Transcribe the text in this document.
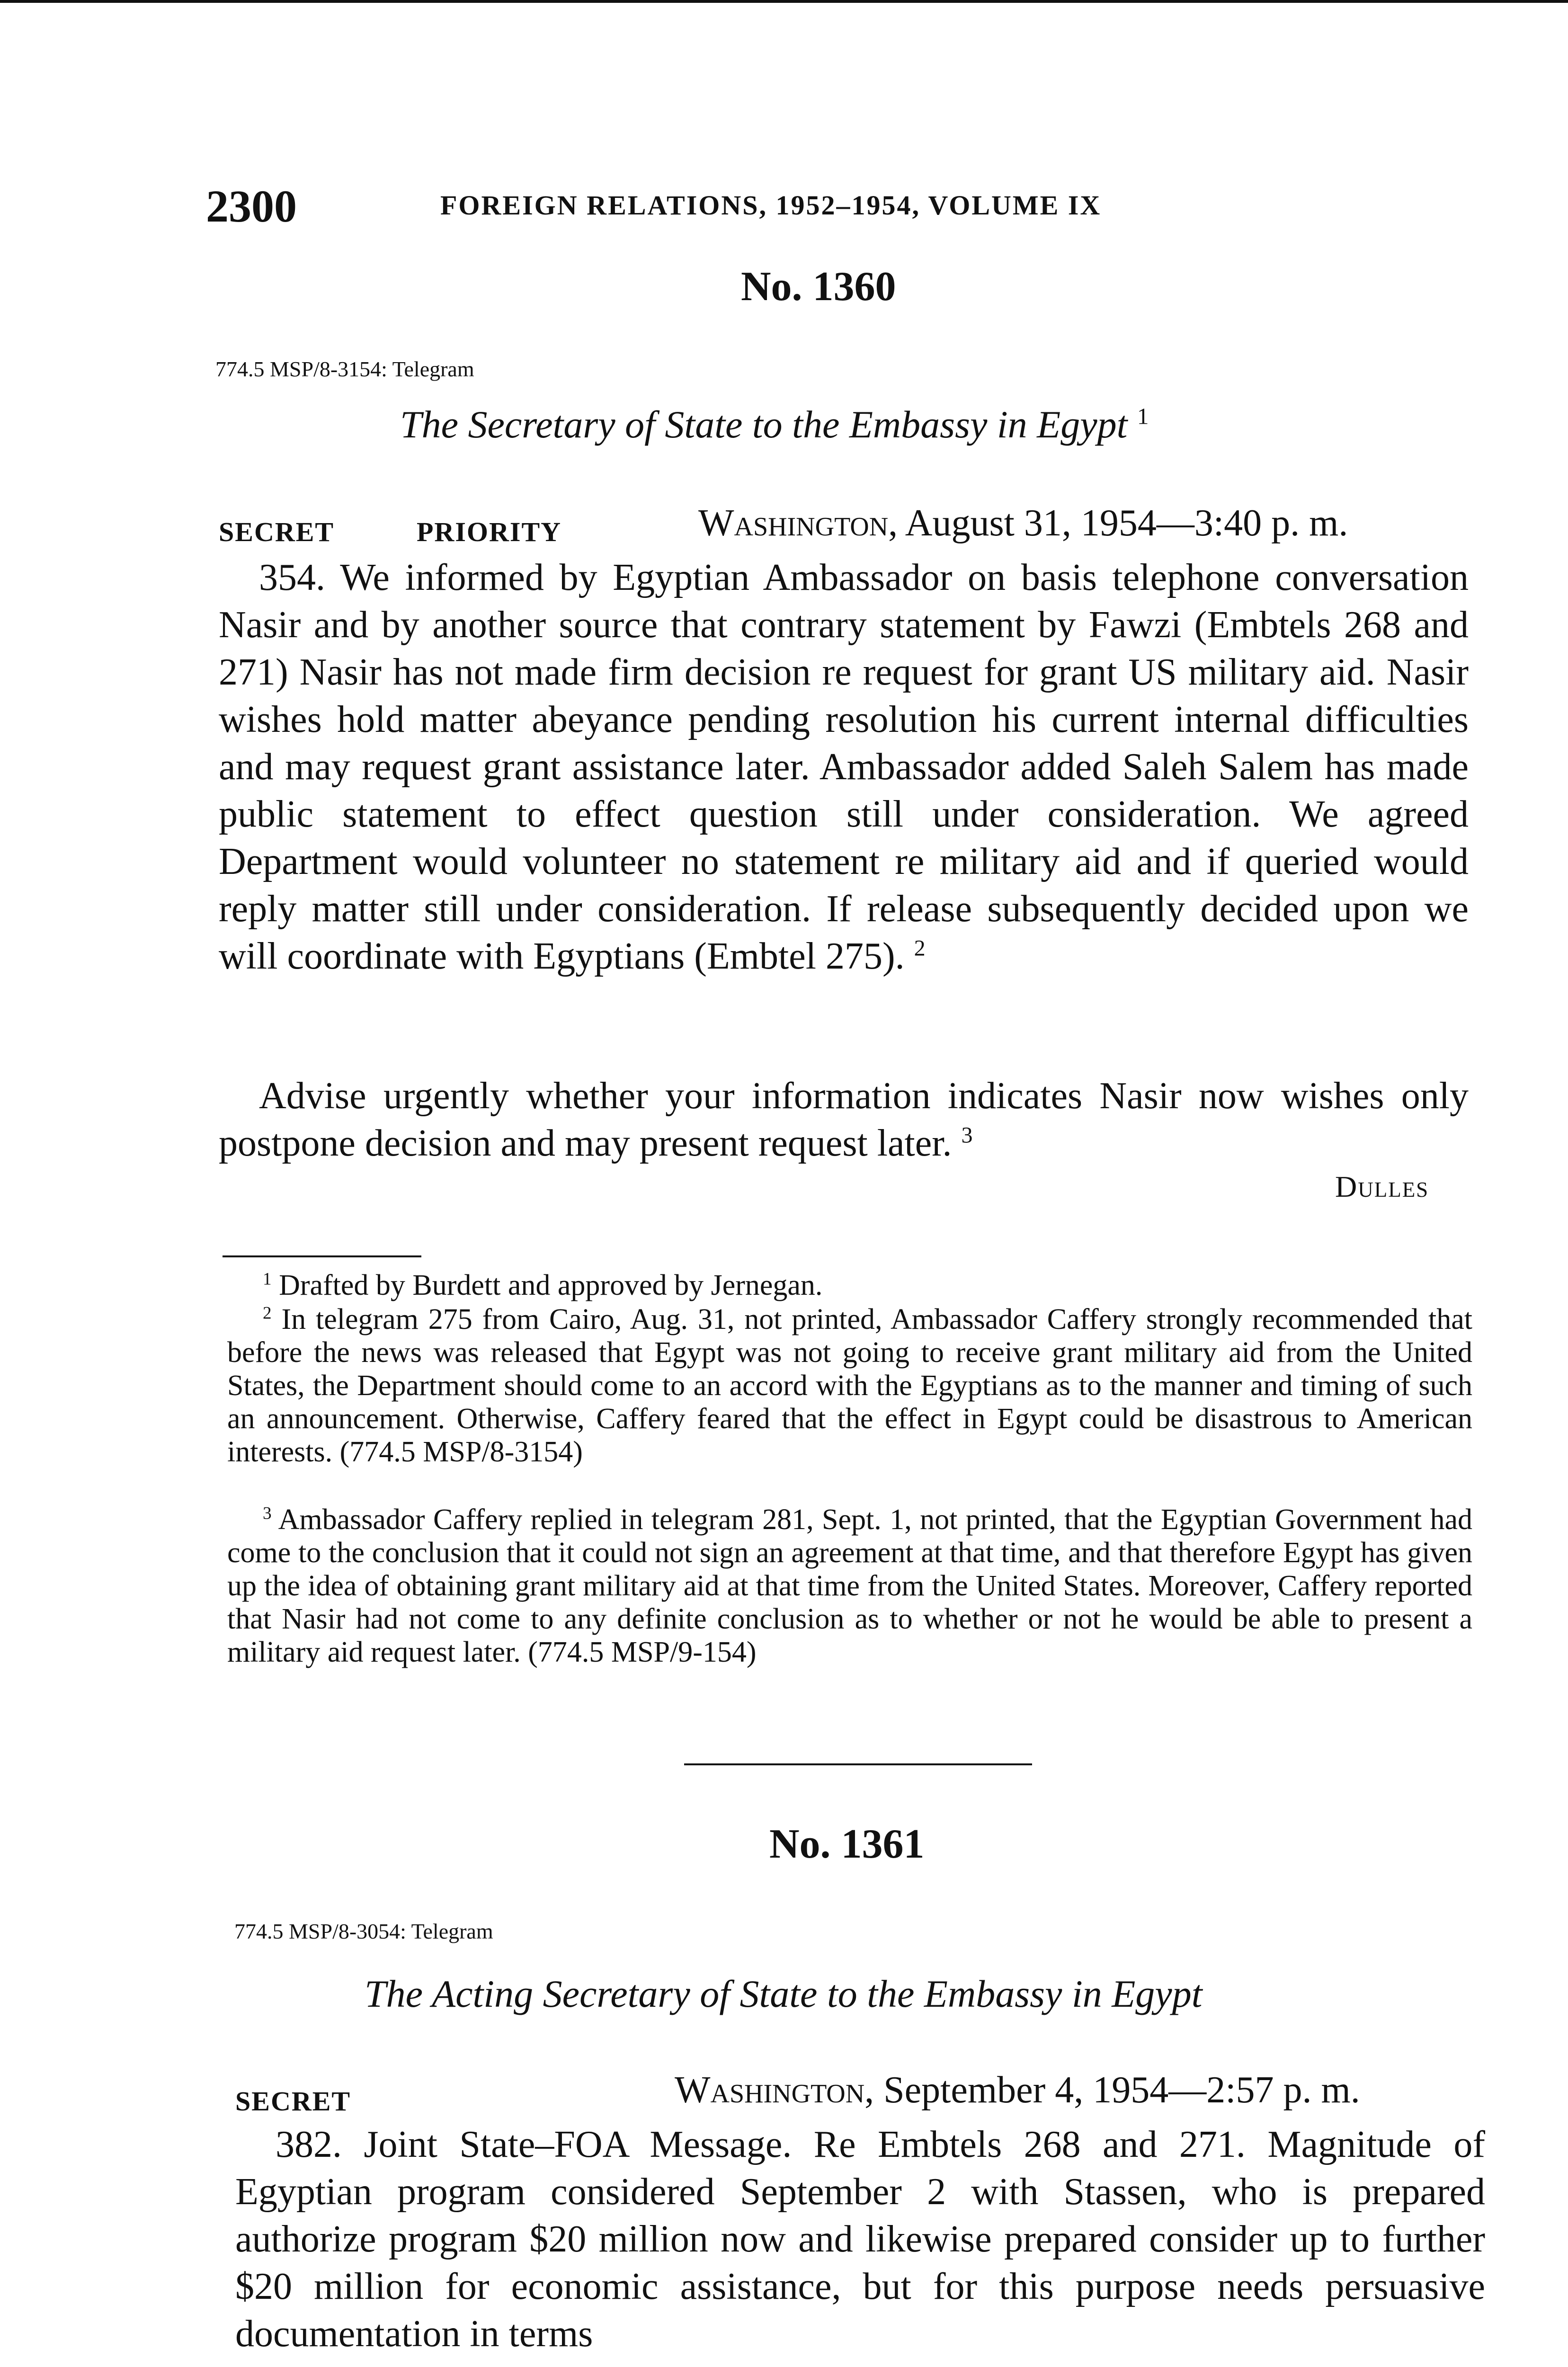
2300	FOREIGN RELATIONS, 1952–1954, VOLUME IX
No. 1360
774.5 MSP/8-3154: Telegram
The Secretary of State to the Embassy in Egypt $^1$
SECRET	PRIORITY	Washington, August 31, 1954—3:40 p. m.

354. We informed by Egyptian Ambassador on basis telephone conversation Nasir and by another source that contrary statement by Fawzi (Embtels 268 and 271) Nasir has not made firm decision re request for grant US military aid. Nasir wishes hold matter abeyance pending resolution his current internal difficulties and may request grant assistance later. Ambassador added Saleh Salem has made public statement to effect question still under consideration. We agreed Department would volunteer no statement re military aid and if queried would reply matter still under consideration. If release subsequently decided upon we will coordinate with Egyptians (Embtel 275). $^2$

Advise urgently whether your information indicates Nasir now wishes only postpone decision and may present request later. $^3$

Dulles

$^1$ Drafted by Burdett and approved by Jernegan.

$^2$ In telegram 275 from Cairo, Aug. 31, not printed, Ambassador Caffery strongly recommended that before the news was released that Egypt was not going to receive grant military aid from the United States, the Department should come to an accord with the Egyptians as to the manner and timing of such an announcement. Otherwise, Caffery feared that the effect in Egypt could be disastrous to American interests. (774.5 MSP/8-3154)

$^3$ Ambassador Caffery replied in telegram 281, Sept. 1, not printed, that the Egyptian Government had come to the conclusion that it could not sign an agreement at that time, and that therefore Egypt has given up the idea of obtaining grant military aid at that time from the United States. Moreover, Caffery reported that Nasir had not come to any definite conclusion as to whether or not he would be able to present a military aid request later. (774.5 MSP/9-154)

No. 1361
774.5 MSP/8-3054: Telegram
The Acting Secretary of State to the Embassy in Egypt
SECRET	Washington, September 4, 1954—2:57 p. m.

382. Joint State–FOA Message. Re Embtels 268 and 271. Magnitude of Egyptian program considered September 2 with Stassen, who is prepared authorize program $20 million now and likewise prepared consider up to further $20 million for economic assistance, but for this purpose needs persuasive documentation in terms
